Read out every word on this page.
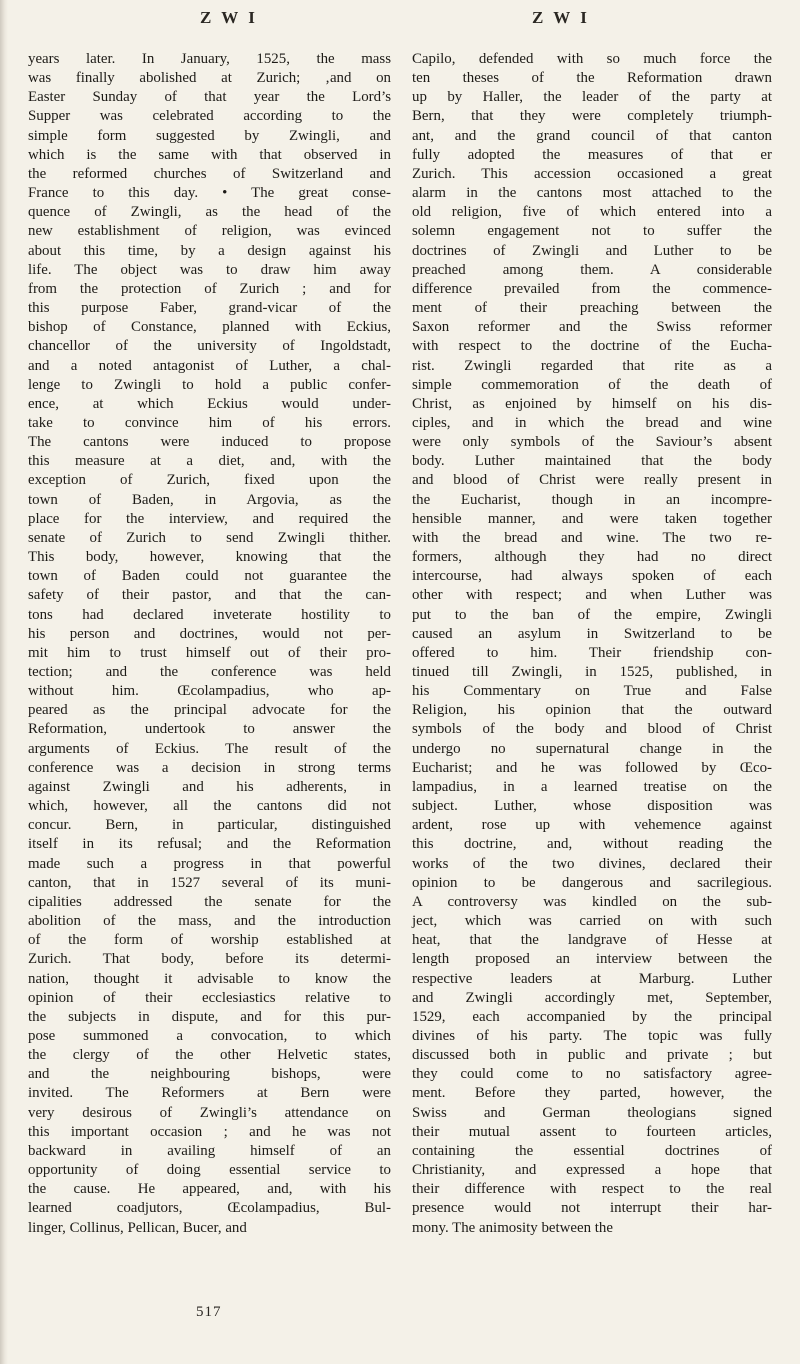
Z W I	Z W I
years later. In January, 1525, the mass
was finally abolished at Zurich; ‚and on
Easter Sunday of that year the Lord’s
Supper was celebrated according to the
simple form suggested by Zwingli, and
which is the same with that observed in
the reformed churches of Switzerland and
France to this day. • The great conse-
quence of Zwingli, as the head of the
new establishment of religion, was evinced
about this time, by a design against his
life. The object was to draw him away
from the protection of Zurich ; and for
this purpose Faber, grand-vicar of the
bishop of Constance, planned with Eckius,
chancellor of the university of Ingoldstadt,
and a noted antagonist of Luther, a chal-
lenge to Zwingli to hold a public confer-
ence, at which Eckius would under-
take to convince him of his errors.
The cantons were induced to propose
this measure at a diet, and, with the
exception of Zurich, fixed upon the
town of Baden, in Argovia, as the
place for the interview, and required the
senate of Zurich to send Zwingli thither.
This body, however, knowing that the
town of Baden could not guarantee the
safety of their pastor, and that the can-
tons had declared inveterate hostility to
his person and doctrines, would not per-
mit him to trust himself out of their pro-
tection; and the conference was held
without him. Œcolampadius, who ap-
peared as the principal advocate for the
Reformation, undertook to answer the
arguments of Eckius. The result of the
conference was a decision in strong terms
against Zwingli and his adherents, in
which, however, all the cantons did not
concur. Bern, in particular, distinguished
itself in its refusal; and the Reformation
made such a progress in that powerful
canton, that in 1527 several of its muni-
cipalities addressed the senate for the
abolition of the mass, and the introduction
of the form of worship established at
Zurich. That body, before its determi-
nation, thought it advisable to know the
opinion of their ecclesiastics relative to
the subjects in dispute, and for this pur-
pose summoned a convocation, to which
the clergy of the other Helvetic states,
and the neighbouring bishops, were
invited. The Reformers at Bern were
very desirous of Zwingli’s attendance on
this important occasion ; and he was not
backward in availing himself of an
opportunity of doing essential service to
the cause. He appeared, and, with his
learned coadjutors, Œcolampadius, Bul-
linger, Collinus, Pellican, Bucer, and
Capilo, defended with so much force the
ten theses of the Reformation drawn
up by Haller, the leader of the party at
Bern, that they were completely triumph-
ant, and the grand council of that canton
fully adopted the measures of that er
Zurich. This accession occasioned a great
alarm in the cantons most attached to the
old religion, five of which entered into a
solemn engagement not to suffer the
doctrines of Zwingli and Luther to be
preached among them. A considerable
difference prevailed from the commence-
ment of their preaching between the
Saxon reformer and the Swiss reformer
with respect to the doctrine of the Eucha-
rist. Zwingli regarded that rite as a
simple commemoration of the death of
Christ, as enjoined by himself on his dis-
ciples, and in which the bread and wine
were only symbols of the Saviour’s absent
body. Luther maintained that the body
and blood of Christ were really present in
the Eucharist, though in an incompre-
hensible manner, and were taken together
with the bread and wine. The two re-
formers, although they had no direct
intercourse, had always spoken of each
other with respect; and when Luther was
put to the ban of the empire, Zwingli
caused an asylum in Switzerland to be
offered to him. Their friendship con-
tinued till Zwingli, in 1525, published, in
his Commentary on True and False
Religion, his opinion that the outward
symbols of the body and blood of Christ
undergo no supernatural change in the
Eucharist; and he was followed by Œco-
lampadius, in a learned treatise on the
subject. Luther, whose disposition was
ardent, rose up with vehemence against
this doctrine, and, without reading the
works of the two divines, declared their
opinion to be dangerous and sacrilegious.
A controversy was kindled on the sub-
ject, which was carried on with such
heat, that the landgrave of Hesse at
length proposed an interview between the
respective leaders at Marburg. Luther
and Zwingli accordingly met, September,
1529, each accompanied by the principal
divines of his party. The topic was fully
discussed both in public and private ; but
they could come to no satisfactory agree-
ment. Before they parted, however, the
Swiss and German theologians signed
their mutual assent to fourteen articles,
containing the essential doctrines of
Christianity, and expressed a hope that
their difference with respect to the real
presence would not interrupt their har-
mony. The animosity between the
517
